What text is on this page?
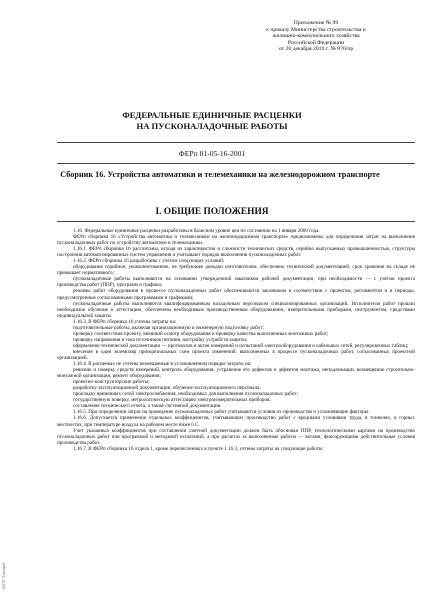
Приложение № 99
к приказу Министерства строительства и
жилищно-коммунального хозяйства
Российской Федерации
от 26 декабря 2019 г. № 876/пр
ФЕДЕРАЛЬНЫЕ ЕДИНИЧНЫЕ РАСЦЕНКИ
НА ПУСКОНАЛАДОЧНЫЕ РАБОТЫ
ФЕРп 81-05-16-2001
Сборник 16. Устройства автоматики и телемеханики на железнодорожном транспорте
I. ОБЩИЕ ПОЛОЖЕНИЯ

1.16. Федеральные единичные расценки разработаны в базисном уровне цен по состоянию на 1 января 2000 года.

ФЕРп сборника 16 «Устройства автоматики и телемеханики на железнодорожном транспорте» предназначены для определения затрат на выполнение пусконаладочных работ по устройству автоматики и телемеханики.

1.16.1. ФЕРп сборника 16 рассчитаны, исходя из характеристик и сложности технических средств, серийно выпускаемых промышленностью, структуры построения автоматизированных систем управления и учитывают порядок выполнения пусконаладочных работ.

1.16.2. ФЕРп сборника 16 разработаны с учетом следующих условий:

оборудование серийное, укомплектованное, не требующее доводки изготовителем, обеспечено технической документацией, срок хранения на складе не превышает нормативного;

пусконаладочные работы выполняются на основании утвержденной заказчиком рабочей документации, при необходимости — с учетом проекта производства работ (ППР), программ и графика;

режимы работ оборудования в процессе пусконаладочных работ обеспечиваются заказчиком в соответствии с проектом, регламентом и в периоды, предусмотренные согласованными программами и графиками;

пусконаладочные работы выполняются квалифицированным наладочным персоналом специализированных организаций. Исполнители работ прошли необходимое обучение и аттестацию, обеспечены необходимым производственным оборудованием, измерительными приборами, инструментом, средствами индивидуальной защиты.

1.16.3. В ФЕРп сборника 16 учтены затраты на:

подготовительные работы, включая организационную и инженерную подготовку работ;

проверку соответствия проекту, внешний осмотр оборудования и проверку качества выполненных монтажных работ;

проверку напряжения и тока источников питания, настройку устройств защиты;

оформление технической документации — протоколов и актов измерений и испытаний электрооборудования и кабельных сетей, регулировочных таблиц;

внесение в один экземпляр принципиальных схем проекта изменений, выполненных в процессе пусконаладочных работ, согласованных проектной организацией.

1.16.4. В расценках не учтены возмещаемые в установленном порядке затраты на:

ревизию и поверку средств измерений, контроль оборудования, устранение его дефектов и дефектов монтажа, неподлежащих возмещению строительно-монтажной организации, ремонт оборудования;

проектно-конструкторские работы;

разработку эксплуатационной документации, обучение эксплуатационного персонала;

прокладку временных сетей электроснабжения, необходимых для выполнения пусконаладочных работ;

государственную поверку, метрологическую аттестацию электроизмерительных приборов;

составление технического отчета, а также системной документации.

1.16.5. При определении затрат на проведение пусконаладочных работ учитываются условия их производства и усложняющие факторы.

1.16.6. Допускается применение отдельных коэффициентов, учитывающих производство работ с вредными условиями труда, в тоннелях, в горных местностях, при температуре воздуха на рабочем месте ниже 0 С.

Учет указанных коэффициентов при составлении сметной документации должен быть обоснован ППР, технологическими картами на производство пусконаладочных работ или программой и методикой испытаний, а при расчетах за выполненные работы — актами, фиксирующими действительные условия производства работ.

1.16.7. В ФЕРп сборника 16 отдела 1, кроме перечисленных в пункте 1.16.3, учтены затраты на следующие работы:

ЭСПП "Технорм"
